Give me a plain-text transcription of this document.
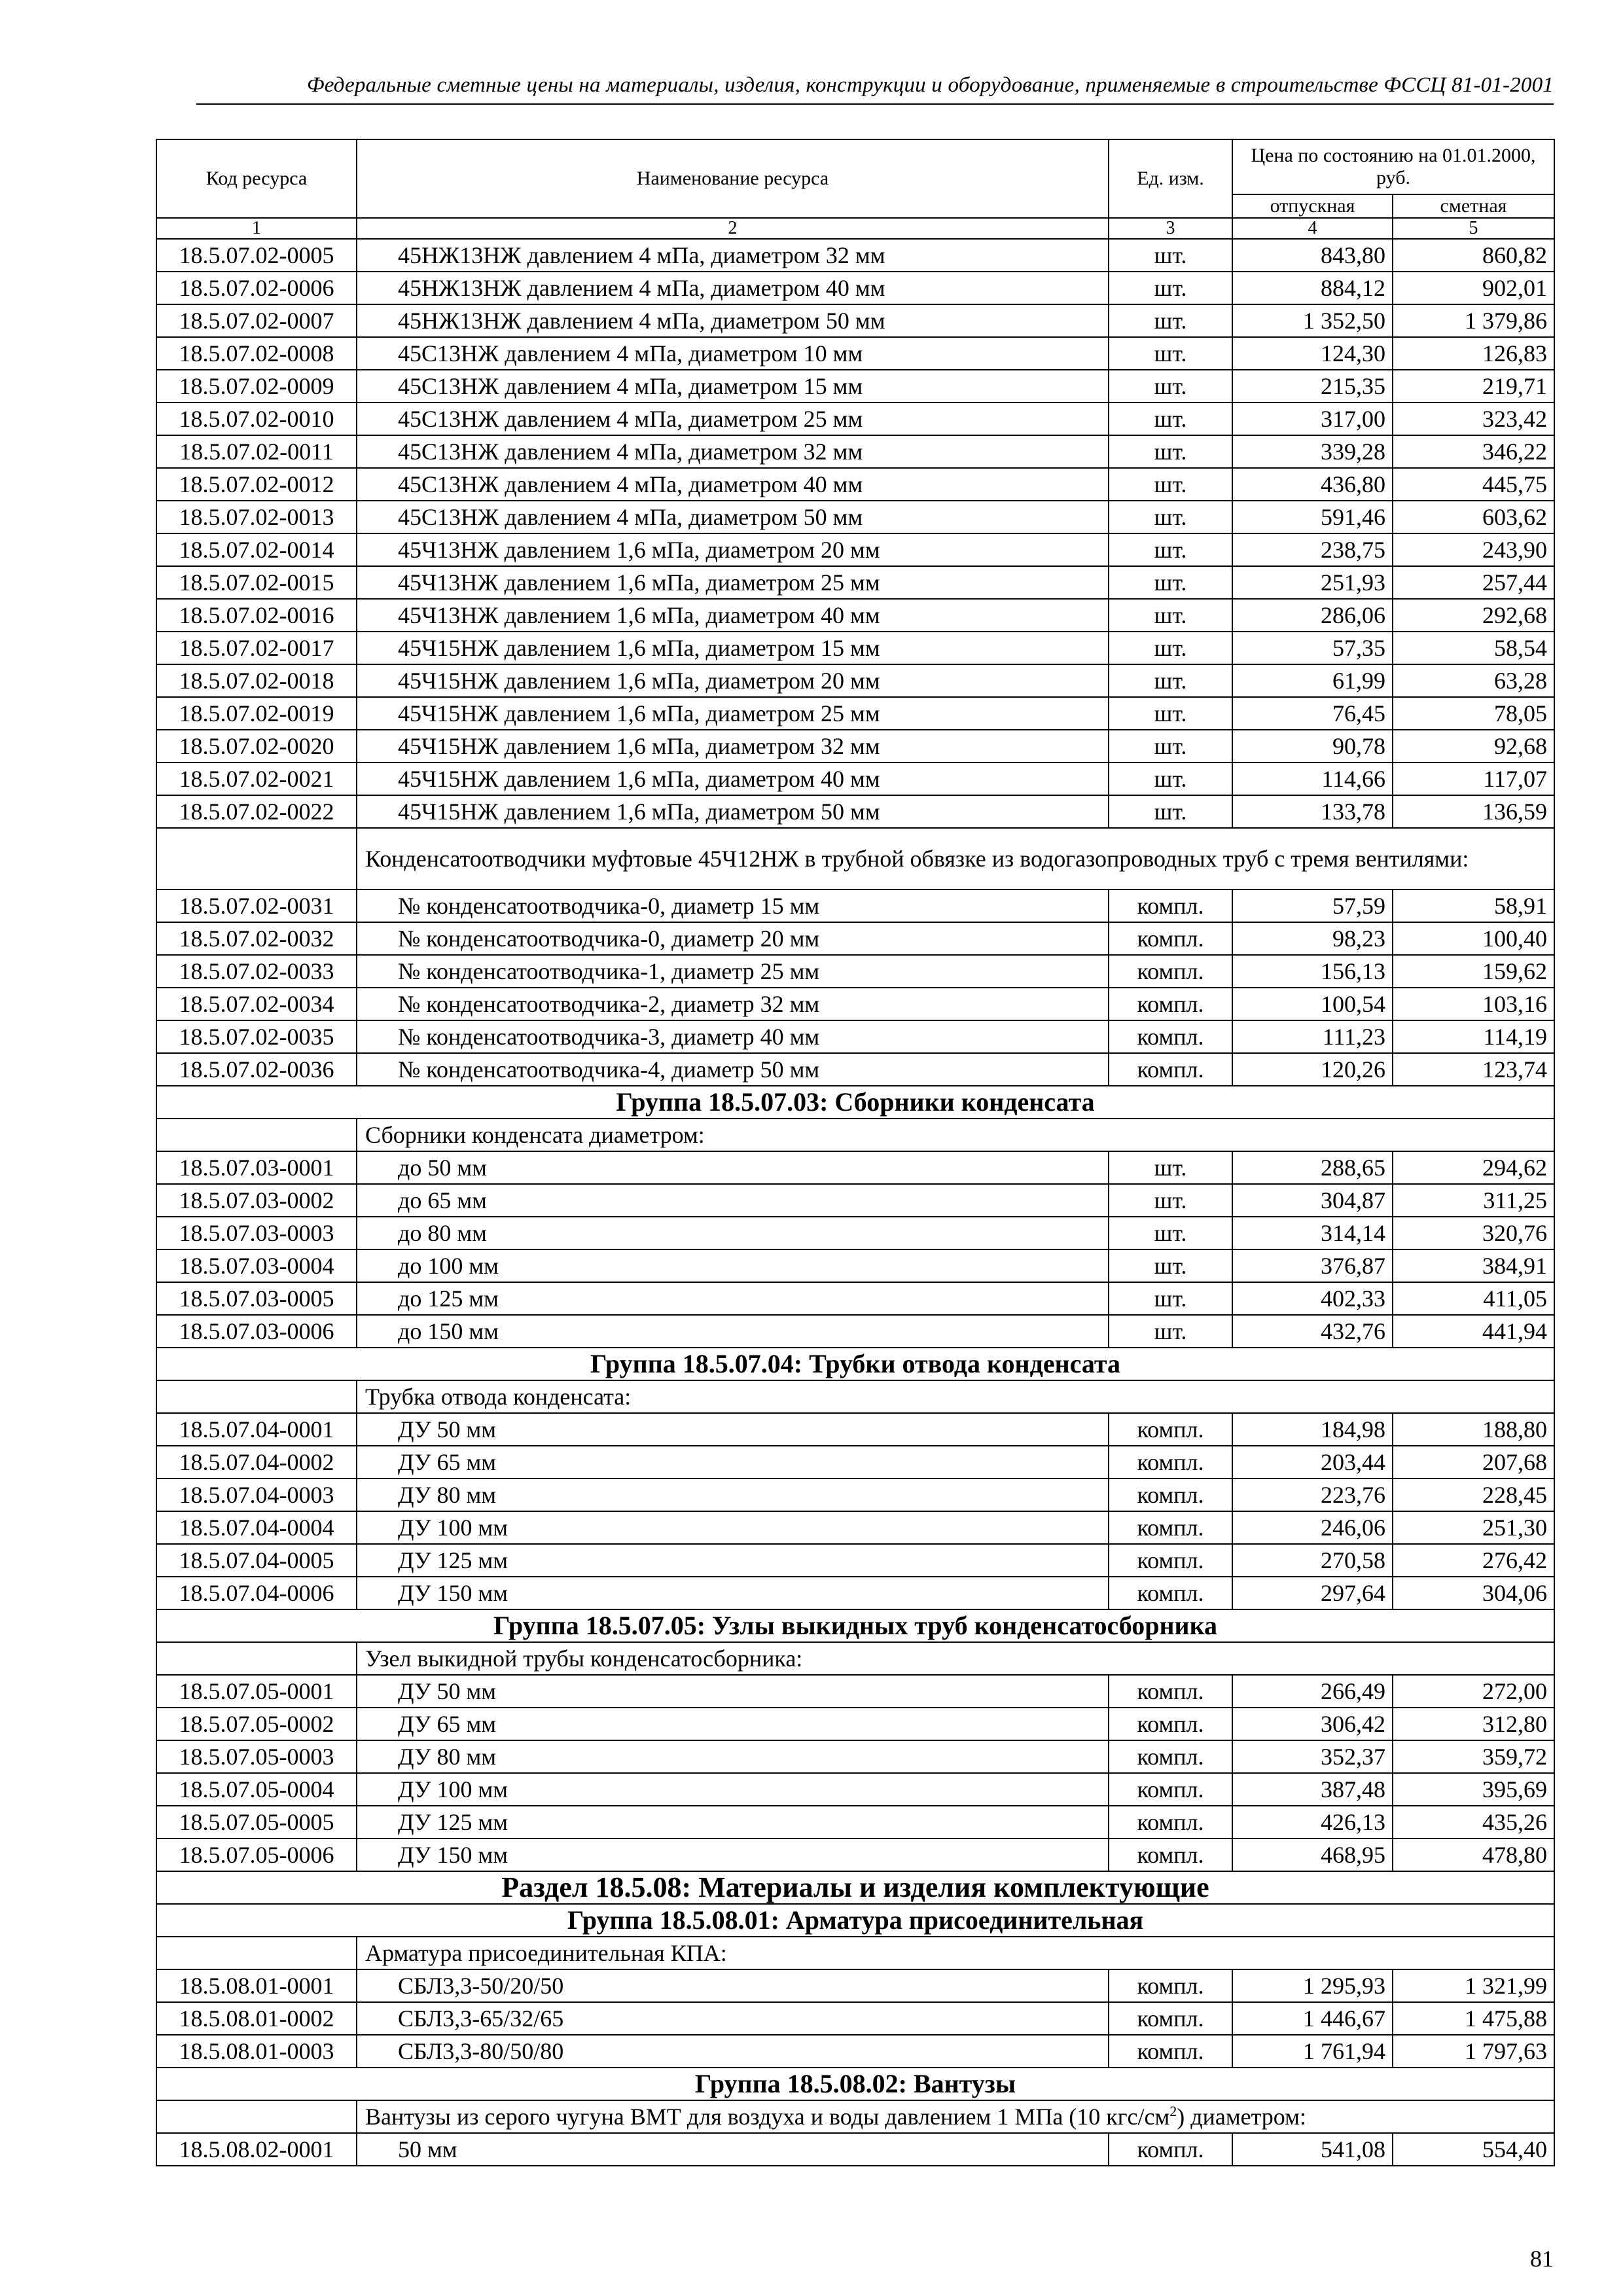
Федеральные сметные цены на материалы, изделия, конструкции и оборудование, применяемые в строительстве ФССЦ 81-01-2001
Код ресурса	Наименование ресурса	Ед. изм.	Цена по состоянию на 01.01.2000, руб.	
			отпускная	сметная
1	2	3	4	5
18.5.07.02-0005	45НЖ13НЖ давлением 4 мПа, диаметром 32 мм	шт.	843,80	860,82
18.5.07.02-0006	45НЖ13НЖ давлением 4 мПа, диаметром 40 мм	шт.	884,12	902,01
18.5.07.02-0007	45НЖ13НЖ давлением 4 мПа, диаметром 50 мм	шт.	1 352,50	1 379,86
18.5.07.02-0008	45С13НЖ давлением 4 мПа, диаметром 10 мм	шт.	124,30	126,83
18.5.07.02-0009	45С13НЖ давлением 4 мПа, диаметром 15 мм	шт.	215,35	219,71
18.5.07.02-0010	45С13НЖ давлением 4 мПа, диаметром 25 мм	шт.	317,00	323,42
18.5.07.02-0011	45С13НЖ давлением 4 мПа, диаметром 32 мм	шт.	339,28	346,22
18.5.07.02-0012	45С13НЖ давлением 4 мПа, диаметром 40 мм	шт.	436,80	445,75
18.5.07.02-0013	45С13НЖ давлением 4 мПа, диаметром 50 мм	шт.	591,46	603,62
18.5.07.02-0014	45Ч13НЖ давлением 1,6 мПа, диаметром 20 мм	шт.	238,75	243,90
18.5.07.02-0015	45Ч13НЖ давлением 1,6 мПа, диаметром 25 мм	шт.	251,93	257,44
18.5.07.02-0016	45Ч13НЖ давлением 1,6 мПа, диаметром 40 мм	шт.	286,06	292,68
18.5.07.02-0017	45Ч15НЖ давлением 1,6 мПа, диаметром 15 мм	шт.	57,35	58,54
18.5.07.02-0018	45Ч15НЖ давлением 1,6 мПа, диаметром 20 мм	шт.	61,99	63,28
18.5.07.02-0019	45Ч15НЖ давлением 1,6 мПа, диаметром 25 мм	шт.	76,45	78,05
18.5.07.02-0020	45Ч15НЖ давлением 1,6 мПа, диаметром 32 мм	шт.	90,78	92,68
18.5.07.02-0021	45Ч15НЖ давлением 1,6 мПа, диаметром 40 мм	шт.	114,66	117,07
18.5.07.02-0022	45Ч15НЖ давлением 1,6 мПа, диаметром 50 мм	шт.	133,78	136,59
	Конденсатоотводчики муфтовые 45Ч12НЖ в трубной обвязке из водогазопроводных труб с тремя вентилями:			
18.5.07.02-0031	№ конденсатоотводчика-0, диаметр 15 мм	компл.	57,59	58,91
18.5.07.02-0032	№ конденсатоотводчика-0, диаметр 20 мм	компл.	98,23	100,40
18.5.07.02-0033	№ конденсатоотводчика-1, диаметр 25 мм	компл.	156,13	159,62
18.5.07.02-0034	№ конденсатоотводчика-2, диаметр 32 мм	компл.	100,54	103,16
18.5.07.02-0035	№ конденсатоотводчика-3, диаметр 40 мм	компл.	111,23	114,19
18.5.07.02-0036	№ конденсатоотводчика-4, диаметр 50 мм	компл.	120,26	123,74
Группа 18.5.07.03: Сборники конденсата				
	Сборники конденсата диаметром:			
18.5.07.03-0001	до 50 мм	шт.	288,65	294,62
18.5.07.03-0002	до 65 мм	шт.	304,87	311,25
18.5.07.03-0003	до 80 мм	шт.	314,14	320,76
18.5.07.03-0004	до 100 мм	шт.	376,87	384,91
18.5.07.03-0005	до 125 мм	шт.	402,33	411,05
18.5.07.03-0006	до 150 мм	шт.	432,76	441,94
Группа 18.5.07.04: Трубки отвода конденсата				
	Трубка отвода конденсата:			
18.5.07.04-0001	ДУ 50 мм	компл.	184,98	188,80
18.5.07.04-0002	ДУ 65 мм	компл.	203,44	207,68
18.5.07.04-0003	ДУ 80 мм	компл.	223,76	228,45
18.5.07.04-0004	ДУ 100 мм	компл.	246,06	251,30
18.5.07.04-0005	ДУ 125 мм	компл.	270,58	276,42
18.5.07.04-0006	ДУ 150 мм	компл.	297,64	304,06
Группа 18.5.07.05: Узлы выкидных труб конденсатосборника				
	Узел выкидной трубы конденсатосборника:			
18.5.07.05-0001	ДУ 50 мм	компл.	266,49	272,00
18.5.07.05-0002	ДУ 65 мм	компл.	306,42	312,80
18.5.07.05-0003	ДУ 80 мм	компл.	352,37	359,72
18.5.07.05-0004	ДУ 100 мм	компл.	387,48	395,69
18.5.07.05-0005	ДУ 125 мм	компл.	426,13	435,26
18.5.07.05-0006	ДУ 150 мм	компл.	468,95	478,80
Раздел 18.5.08: Материалы и изделия комплектующие				
Группа 18.5.08.01: Арматура присоединительная				
	Арматура присоединительная КПА:			
18.5.08.01-0001	СБЛ3,3-50/20/50	компл.	1 295,93	1 321,99
18.5.08.01-0002	СБЛ3,3-65/32/65	компл.	1 446,67	1 475,88
18.5.08.01-0003	СБЛ3,3-80/50/80	компл.	1 761,94	1 797,63
Группа 18.5.08.02: Вантузы				
	Вантузы из серого чугуна ВМТ для воздуха и воды давлением 1 МПа (10 кгс/$см^2$) диаметром:			
18.5.08.02-0001	50 мм	компл.	541,08	554,40
81
